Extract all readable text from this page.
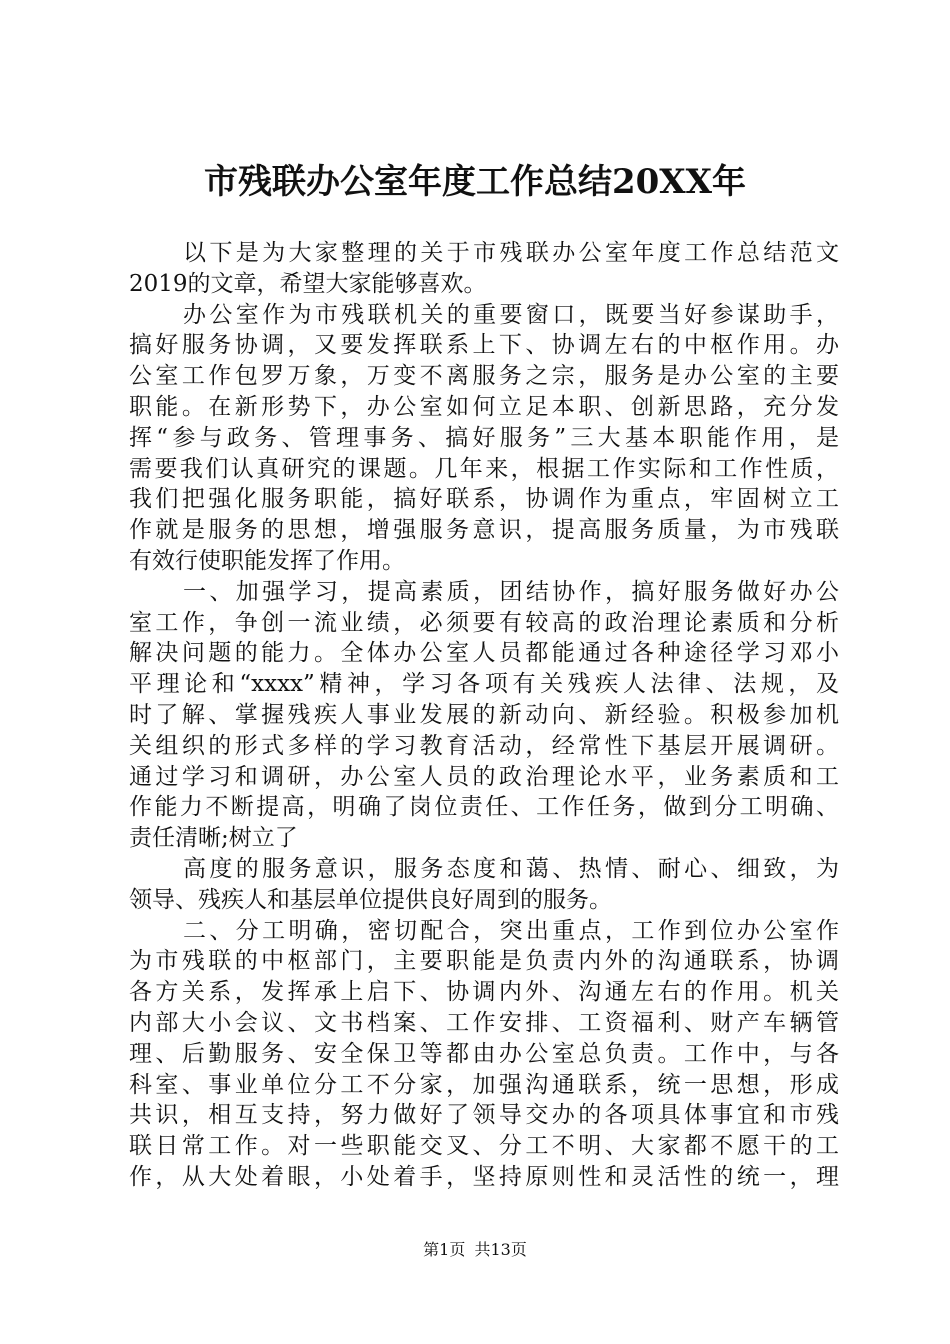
市残联办公室年度工作总结20XX年
以下是为大家整理的关于市残联办公室年度工作总结范文
2019的文章，希望大家能够喜欢。
办公室作为市残联机关的重要窗口，既要当好参谋助手，
搞好服务协调，又要发挥联系上下、协调左右的中枢作用。办
公室工作包罗万象，万变不离服务之宗，服务是办公室的主要
职能。在新形势下，办公室如何立足本职、创新思路，充分发
挥“参与政务、管理事务、搞好服务”三大基本职能作用，是
需要我们认真研究的课题。几年来，根据工作实际和工作性质，
我们把强化服务职能，搞好联系，协调作为重点，牢固树立工
作就是服务的思想，增强服务意识，提高服务质量，为市残联
有效行使职能发挥了作用。
一、加强学习，提高素质，团结协作，搞好服务做好办公
室工作，争创一流业绩，必须要有较高的政治理论素质和分析
解决问题的能力。全体办公室人员都能通过各种途径学习邓小
平理论和“xxxx”精神，学习各项有关残疾人法律、法规，及
时了解、掌握残疾人事业发展的新动向、新经验。积极参加机
关组织的形式多样的学习教育活动，经常性下基层开展调研。
通过学习和调研，办公室人员的政治理论水平，业务素质和工
作能力不断提高，明确了岗位责任、工作任务，做到分工明确、
责任清晰;树立了
高度的服务意识，服务态度和蔼、热情、耐心、细致，为
领导、残疾人和基层单位提供良好周到的服务。
二、分工明确，密切配合，突出重点，工作到位办公室作
为市残联的中枢部门，主要职能是负责内外的沟通联系，协调
各方关系，发挥承上启下、协调内外、沟通左右的作用。机关
内部大小会议、文书档案、工作安排、工资福利、财产车辆管
理、后勤服务、安全保卫等都由办公室总负责。工作中，与各
科室、事业单位分工不分家，加强沟通联系，统一思想，形成
共识，相互支持，努力做好了领导交办的各项具体事宜和市残
联日常工作。对一些职能交叉、分工不明、大家都不愿干的工
作，从大处着眼，小处着手，坚持原则性和灵活性的统一，理
第1页 共13页
